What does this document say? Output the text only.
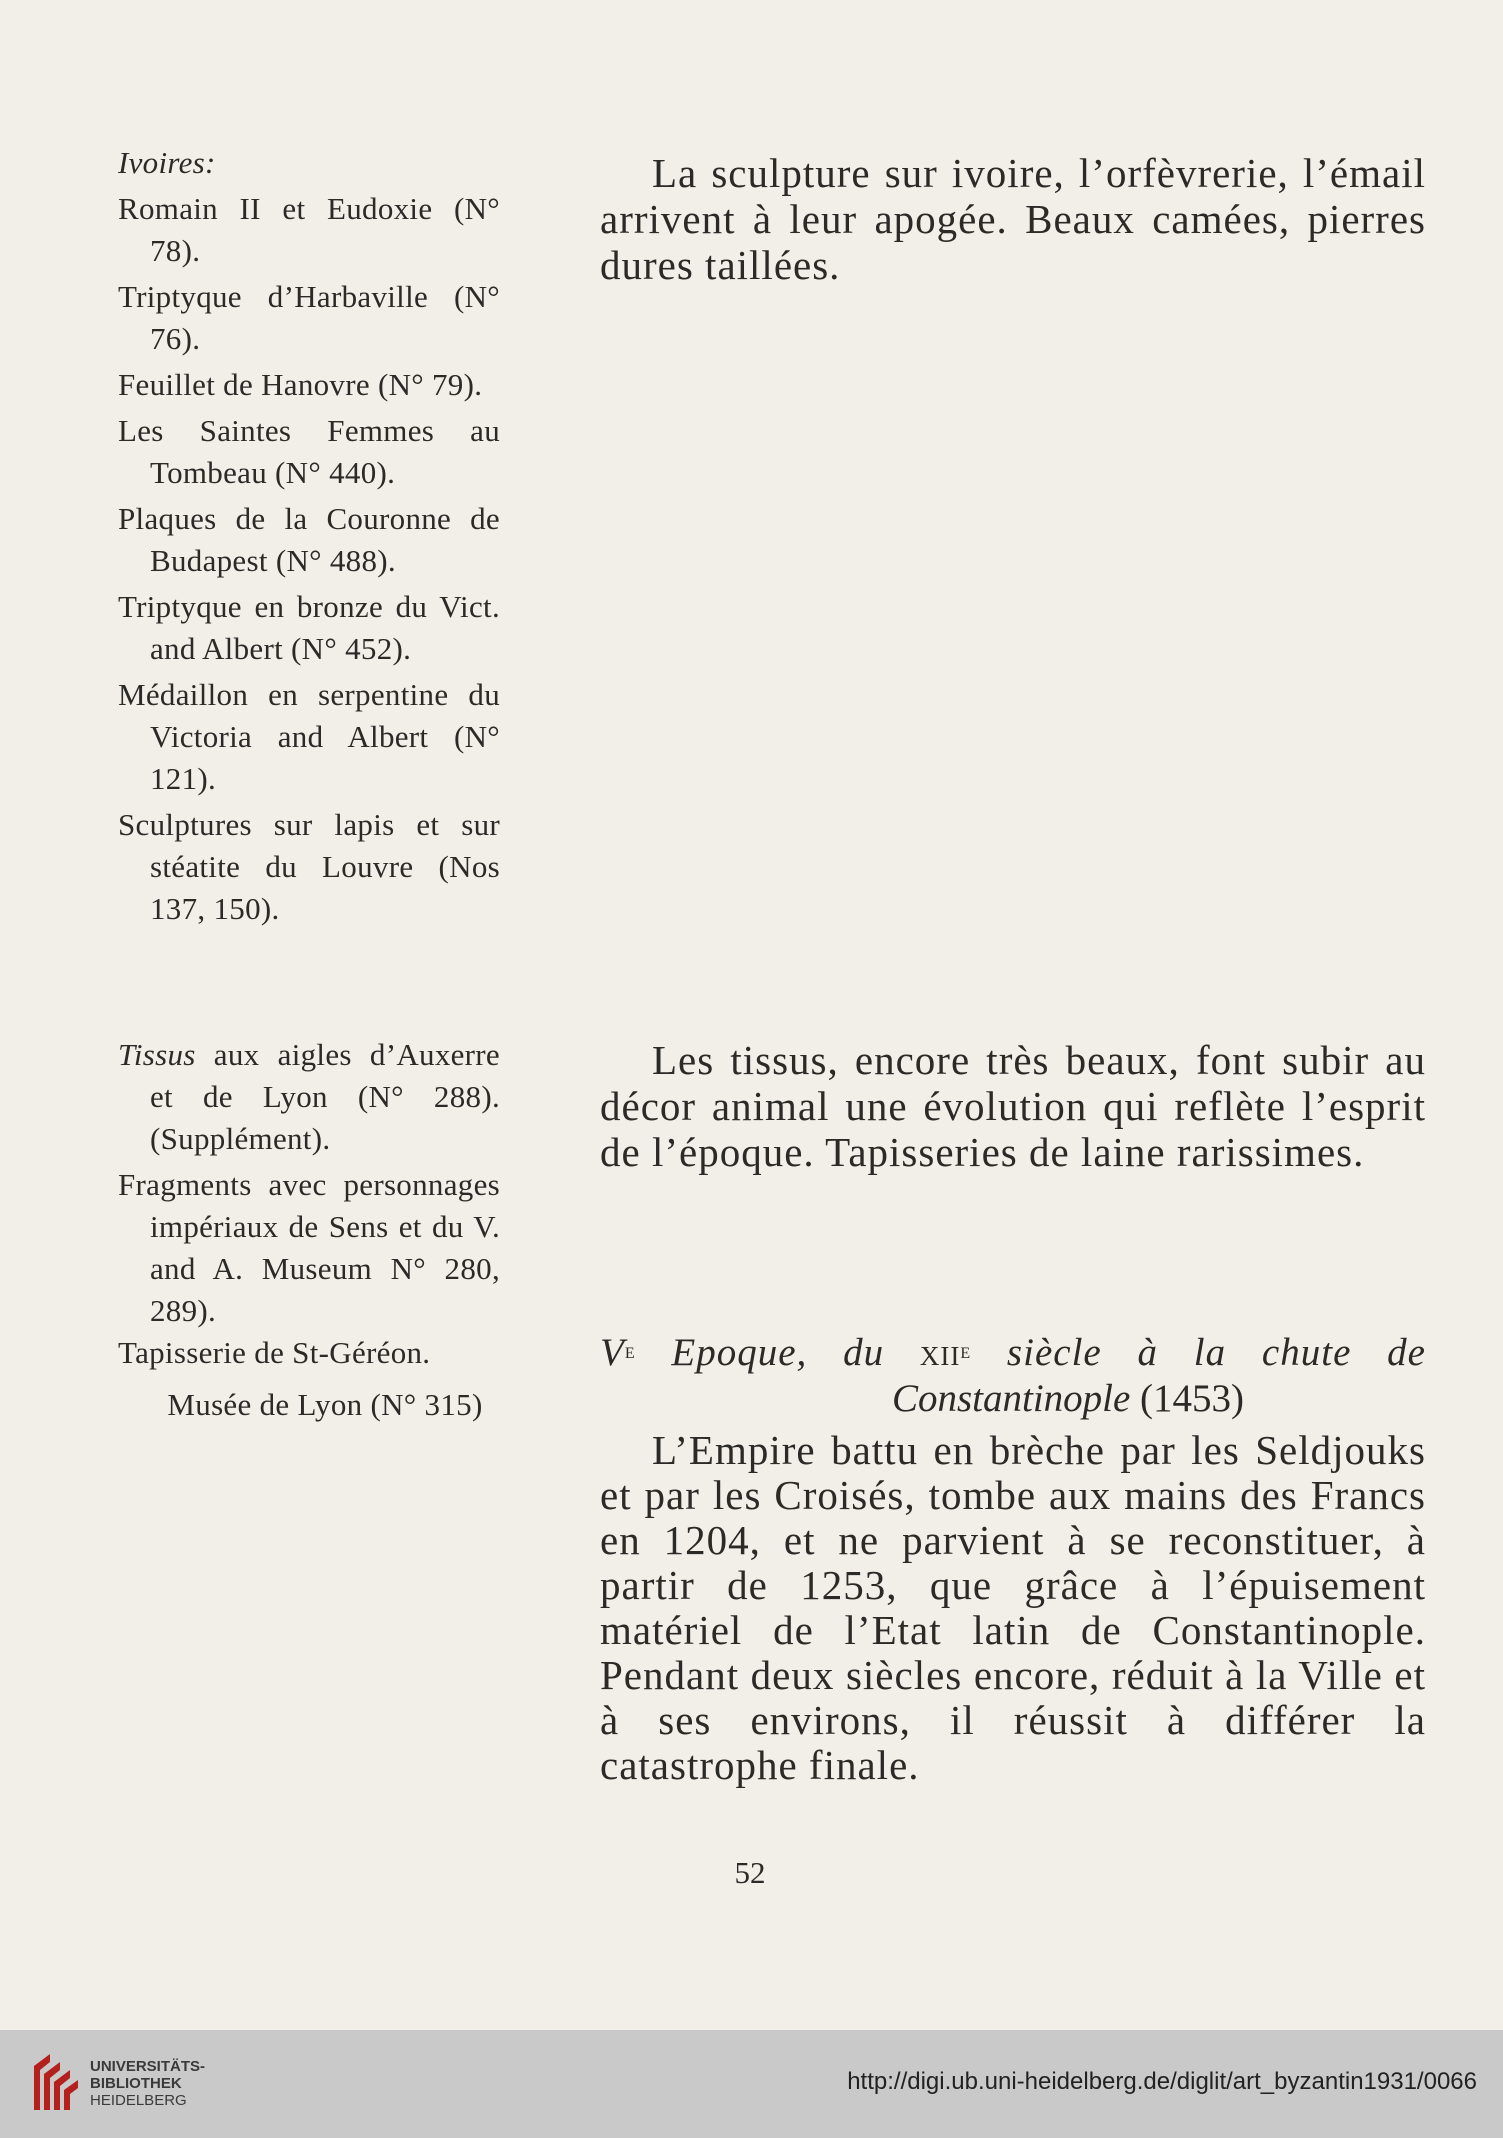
Ivoires:
Romain II et Eudoxie (N° 78).
Triptyque d’Harbaville (N° 76).
Feuillet de Hanovre (N° 79).
Les Saintes Femmes au Tombeau (N° 440).
Plaques de la Couronne de Budapest (N° 488).
Triptyque en bronze du Vict. and Albert (N° 452).
Médaillon en serpentine du Victoria and Albert (N° 121).
Sculptures sur lapis et sur stéatite du Louvre (Nos 137, 150).
Tissus aux aigles d’Auxerre et de Lyon (N° 288). (Supplément).
Fragments avec personnages impériaux de Sens et du V. and A. Museum N° 280, 289).
Tapisserie de St-Géréon.
Musée de Lyon (N° 315)

La sculpture sur ivoire, l’orfèvrerie, l’émail arrivent à leur apogée. Beaux camées, pierres dures taillées.

Les tissus, encore très beaux, font subir au décor animal une évolution qui reflète l’esprit de l’époque. Tapisseries de laine rarissimes.

Ve Epoque, du xii$^e$ siècle à la chute de
Constantinople (1453)

L’Empire battu en brèche par les Seldjouks et par les Croisés, tombe aux mains des Francs en 1204, et ne parvient à se reconstituer, à partir de 1253, que grâce à l’épuisement matériel de l’Etat latin de Constantinople. Pendant deux siècles encore, réduit à la Ville et à ses environs, il réussit à différer la catastrophe finale.

52
UNIVERSITÄTS-
BIBLIOTHEK
HEIDELBERG
http://digi.ub.uni-heidelberg.de/diglit/art_byzantin1931/0066
